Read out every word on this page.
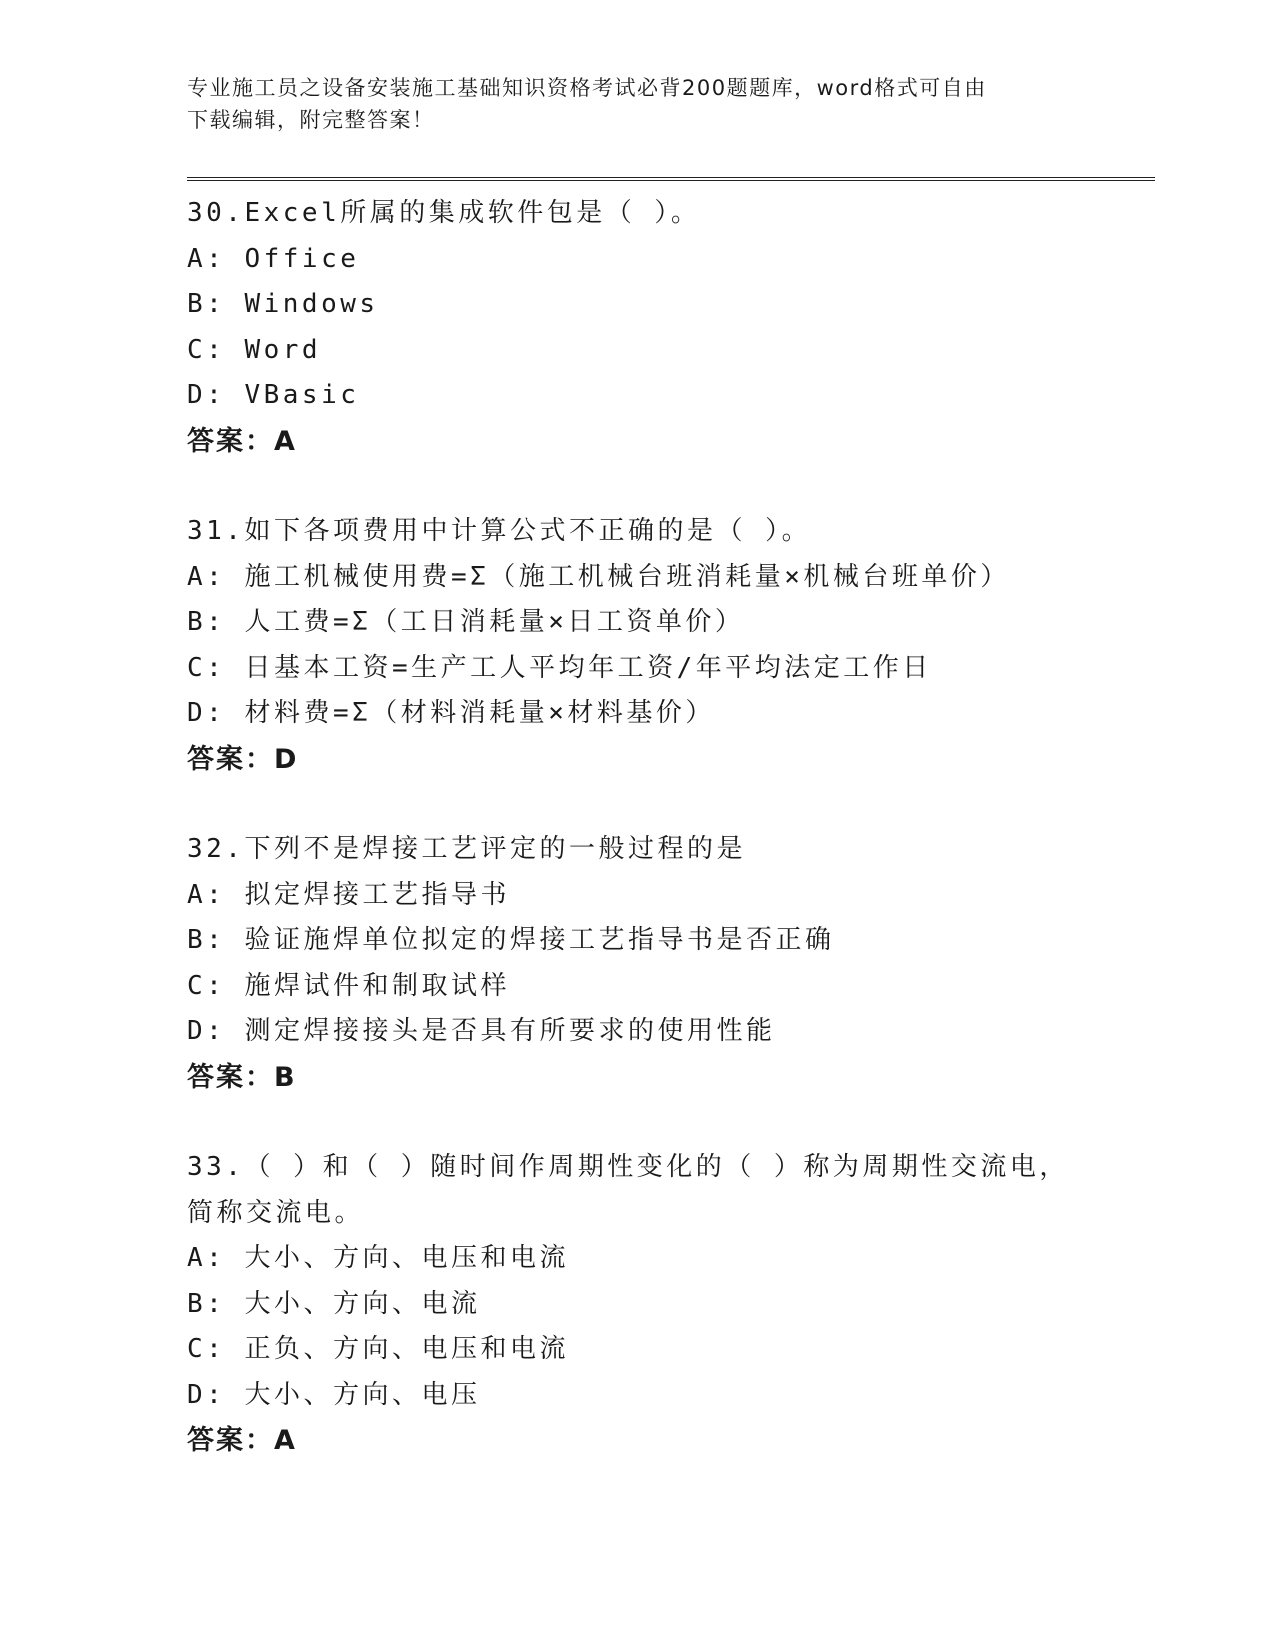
专业施工员之设备安装施工基础知识资格考试必背200题题库，word格式可自由
下载编辑，附完整答案！
30.Excel所属的集成软件包是（ ）。
A: Office
B: Windows
C: Word
D: VBasic
答案：A
31.如下各项费用中计算公式不正确的是（ ）。
A: 施工机械使用费=Σ（施工机械台班消耗量×机械台班单价）
B: 人工费=Σ（工日消耗量×日工资单价）
C: 日基本工资=生产工人平均年工资/年平均法定工作日
D: 材料费=Σ（材料消耗量×材料基价）
答案：D
32.下列不是焊接工艺评定的一般过程的是
A: 拟定焊接工艺指导书
B: 验证施焊单位拟定的焊接工艺指导书是否正确
C: 施焊试件和制取试样
D: 测定焊接接头是否具有所要求的使用性能
答案：B
33.（ ）和（ ）随时间作周期性变化的（ ）称为周期性交流电，简称交流电。
A: 大小、方向、电压和电流
B: 大小、方向、电流
C: 正负、方向、电压和电流
D: 大小、方向、电压
答案：A
